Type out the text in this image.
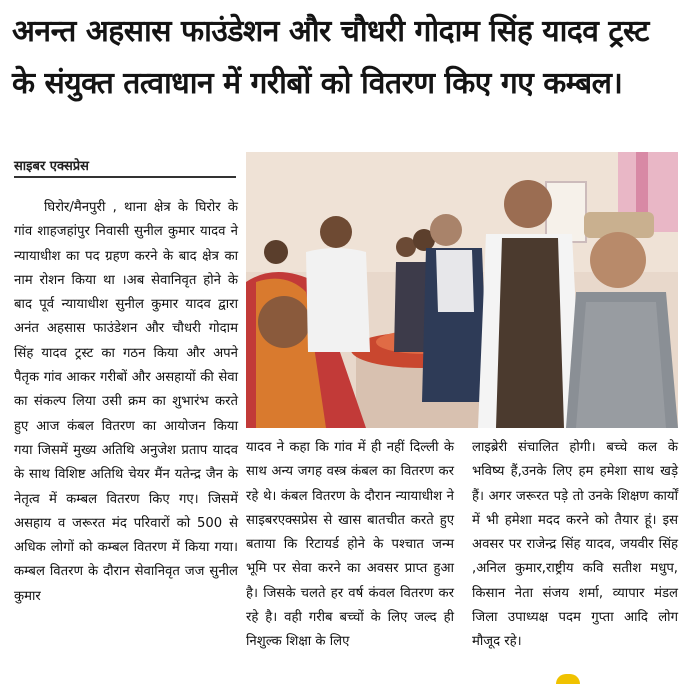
अनन्त अहसास फाउंडेशन और चौधरी गोदाम सिंह यादव ट्रस्ट
के संयुक्त तत्वाधान में गरीबों को वितरण किए गए कम्बल।
साइबर एक्सप्रेस

घिरोर/मैनपुरी , थाना क्षेत्र के घिरोर के गांव शाहजहांपुर निवासी सुनील कुमार यादव ने न्यायाधीश का पद ग्रहण करने के बाद क्षेत्र का नाम रोशन किया था ।अब सेवानिवृत होने के बाद पूर्व न्यायाधीश सुनील कुमार यादव द्वारा अनंत अहसास फाउंडेशन और चौधरी गोदाम सिंह यादव ट्रस्ट का गठन किया और अपने पैतृक गांव आकर गरीबों और असहायों की सेवा का संकल्प लिया उसी क्रम का शुभारंभ करते हुए आज कंबल वितरण का आयोजन किया गया जिसमें मुख्य अतिथि अनुजेश प्रताप यादव के साथ विशिष्ट अतिथि चेयर मैंन यतेन्द्र जैन के नेतृत्व में कम्बल वितरण किए गए। जिसमें असहाय व जरूरत मंद परिवारों को 500 से अधिक लोगों को कम्बल वितरण में किया गया। कम्बल वितरण के दौरान सेवानिवृत जज सुनील कुमार

यादव ने कहा कि गांव में ही नहीं दिल्ली के साथ अन्य जगह वस्त्र कंबल का वितरण कर रहे थे। कंबल वितरण के दौरान न्यायाधीश ने साइबरएक्सप्रेस से खास बातचीत करते हुए बताया कि रिटायर्ड होने के पश्चात जन्म भूमि पर सेवा करने का अवसर प्राप्त हुआ है। जिसके चलते हर वर्ष कंवल वितरण कर रहे है। वही गरीब बच्चों के लिए जल्द ही निशुल्क शिक्षा के लिए

लाइब्रेरी संचालित होगी। बच्चे कल के भविष्य हैं,उनके लिए हम हमेशा साथ खड़े हैं। अगर जरूरत पड़े तो उनके शिक्षण कार्यों में भी हमेशा मदद करने को तैयार हूं। इस अवसर पर राजेन्द्र सिंह यादव, जयवीर सिंह ,अनिल कुमार,राष्ट्रीय कवि सतीश मधुप, किसान नेता संजय शर्मा, व्यापार मंडल जिला उपाध्यक्ष पदम गुप्ता आदि लोग मौजूद रहे।
